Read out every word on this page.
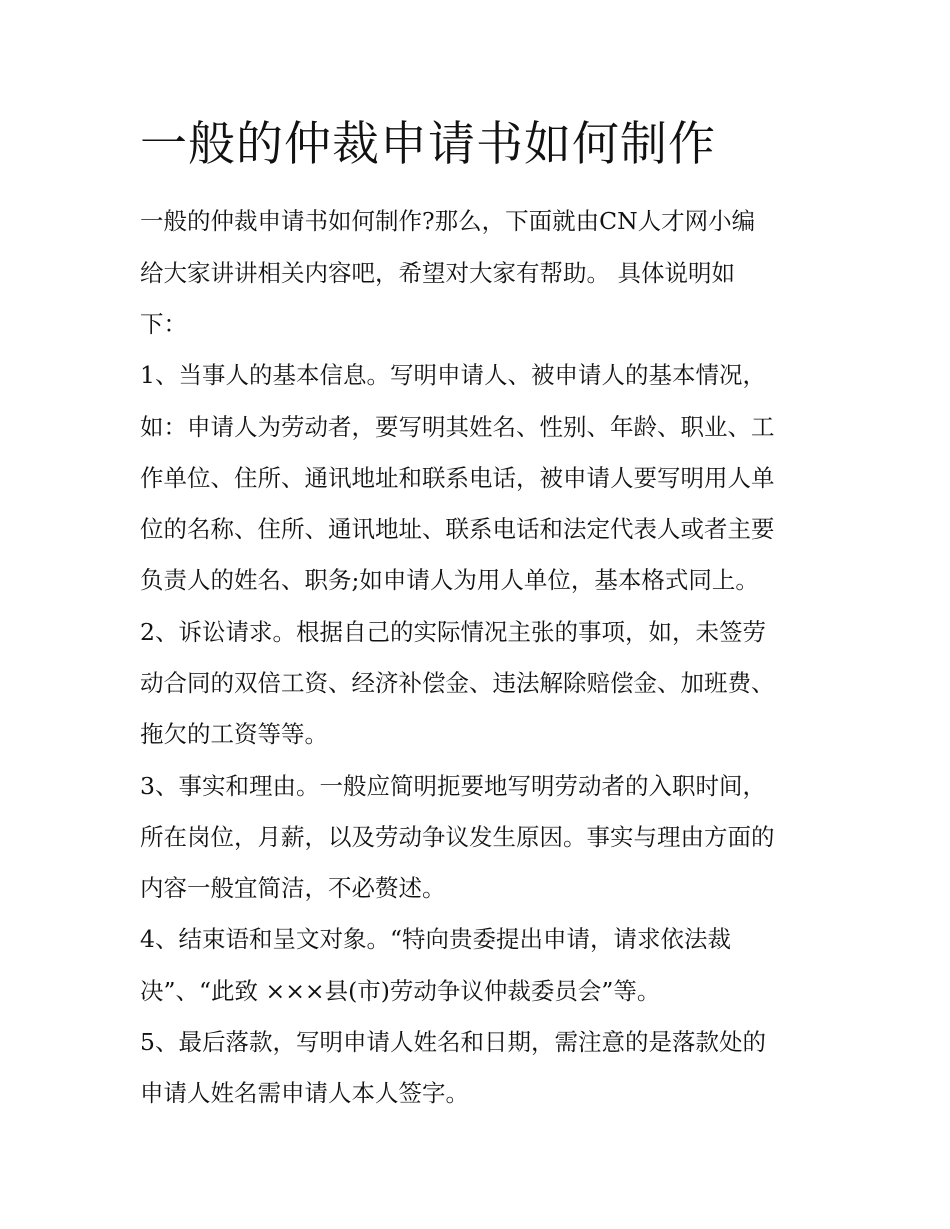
一般的仲裁申请书如何制作

一般的仲裁申请书如何制作?那么，下面就由CN人才网小编

给大家讲讲相关内容吧，希望对大家有帮助。 具体说明如

下：

1、当事人的基本信息。写明申请人、被申请人的基本情况，

如：申请人为劳动者，要写明其姓名、性别、年龄、职业、工

作单位、住所、通讯地址和联系电话，被申请人要写明用人单

位的名称、住所、通讯地址、联系电话和法定代表人或者主要

负责人的姓名、职务;如申请人为用人单位，基本格式同上。

2、诉讼请求。根据自己的实际情况主张的事项，如，未签劳

动合同的双倍工资、经济补偿金、违法解除赔偿金、加班费、

拖欠的工资等等。

3、事实和理由。一般应简明扼要地写明劳动者的入职时间，

所在岗位，月薪，以及劳动争议发生原因。事实与理由方面的

内容一般宜简洁，不必赘述。

4、结束语和呈文对象。“特向贵委提出申请，请求依法裁

决”、“此致 ×××县(市)劳动争议仲裁委员会”等。

5、最后落款，写明申请人姓名和日期，需注意的是落款处的

申请人姓名需申请人本人签字。
